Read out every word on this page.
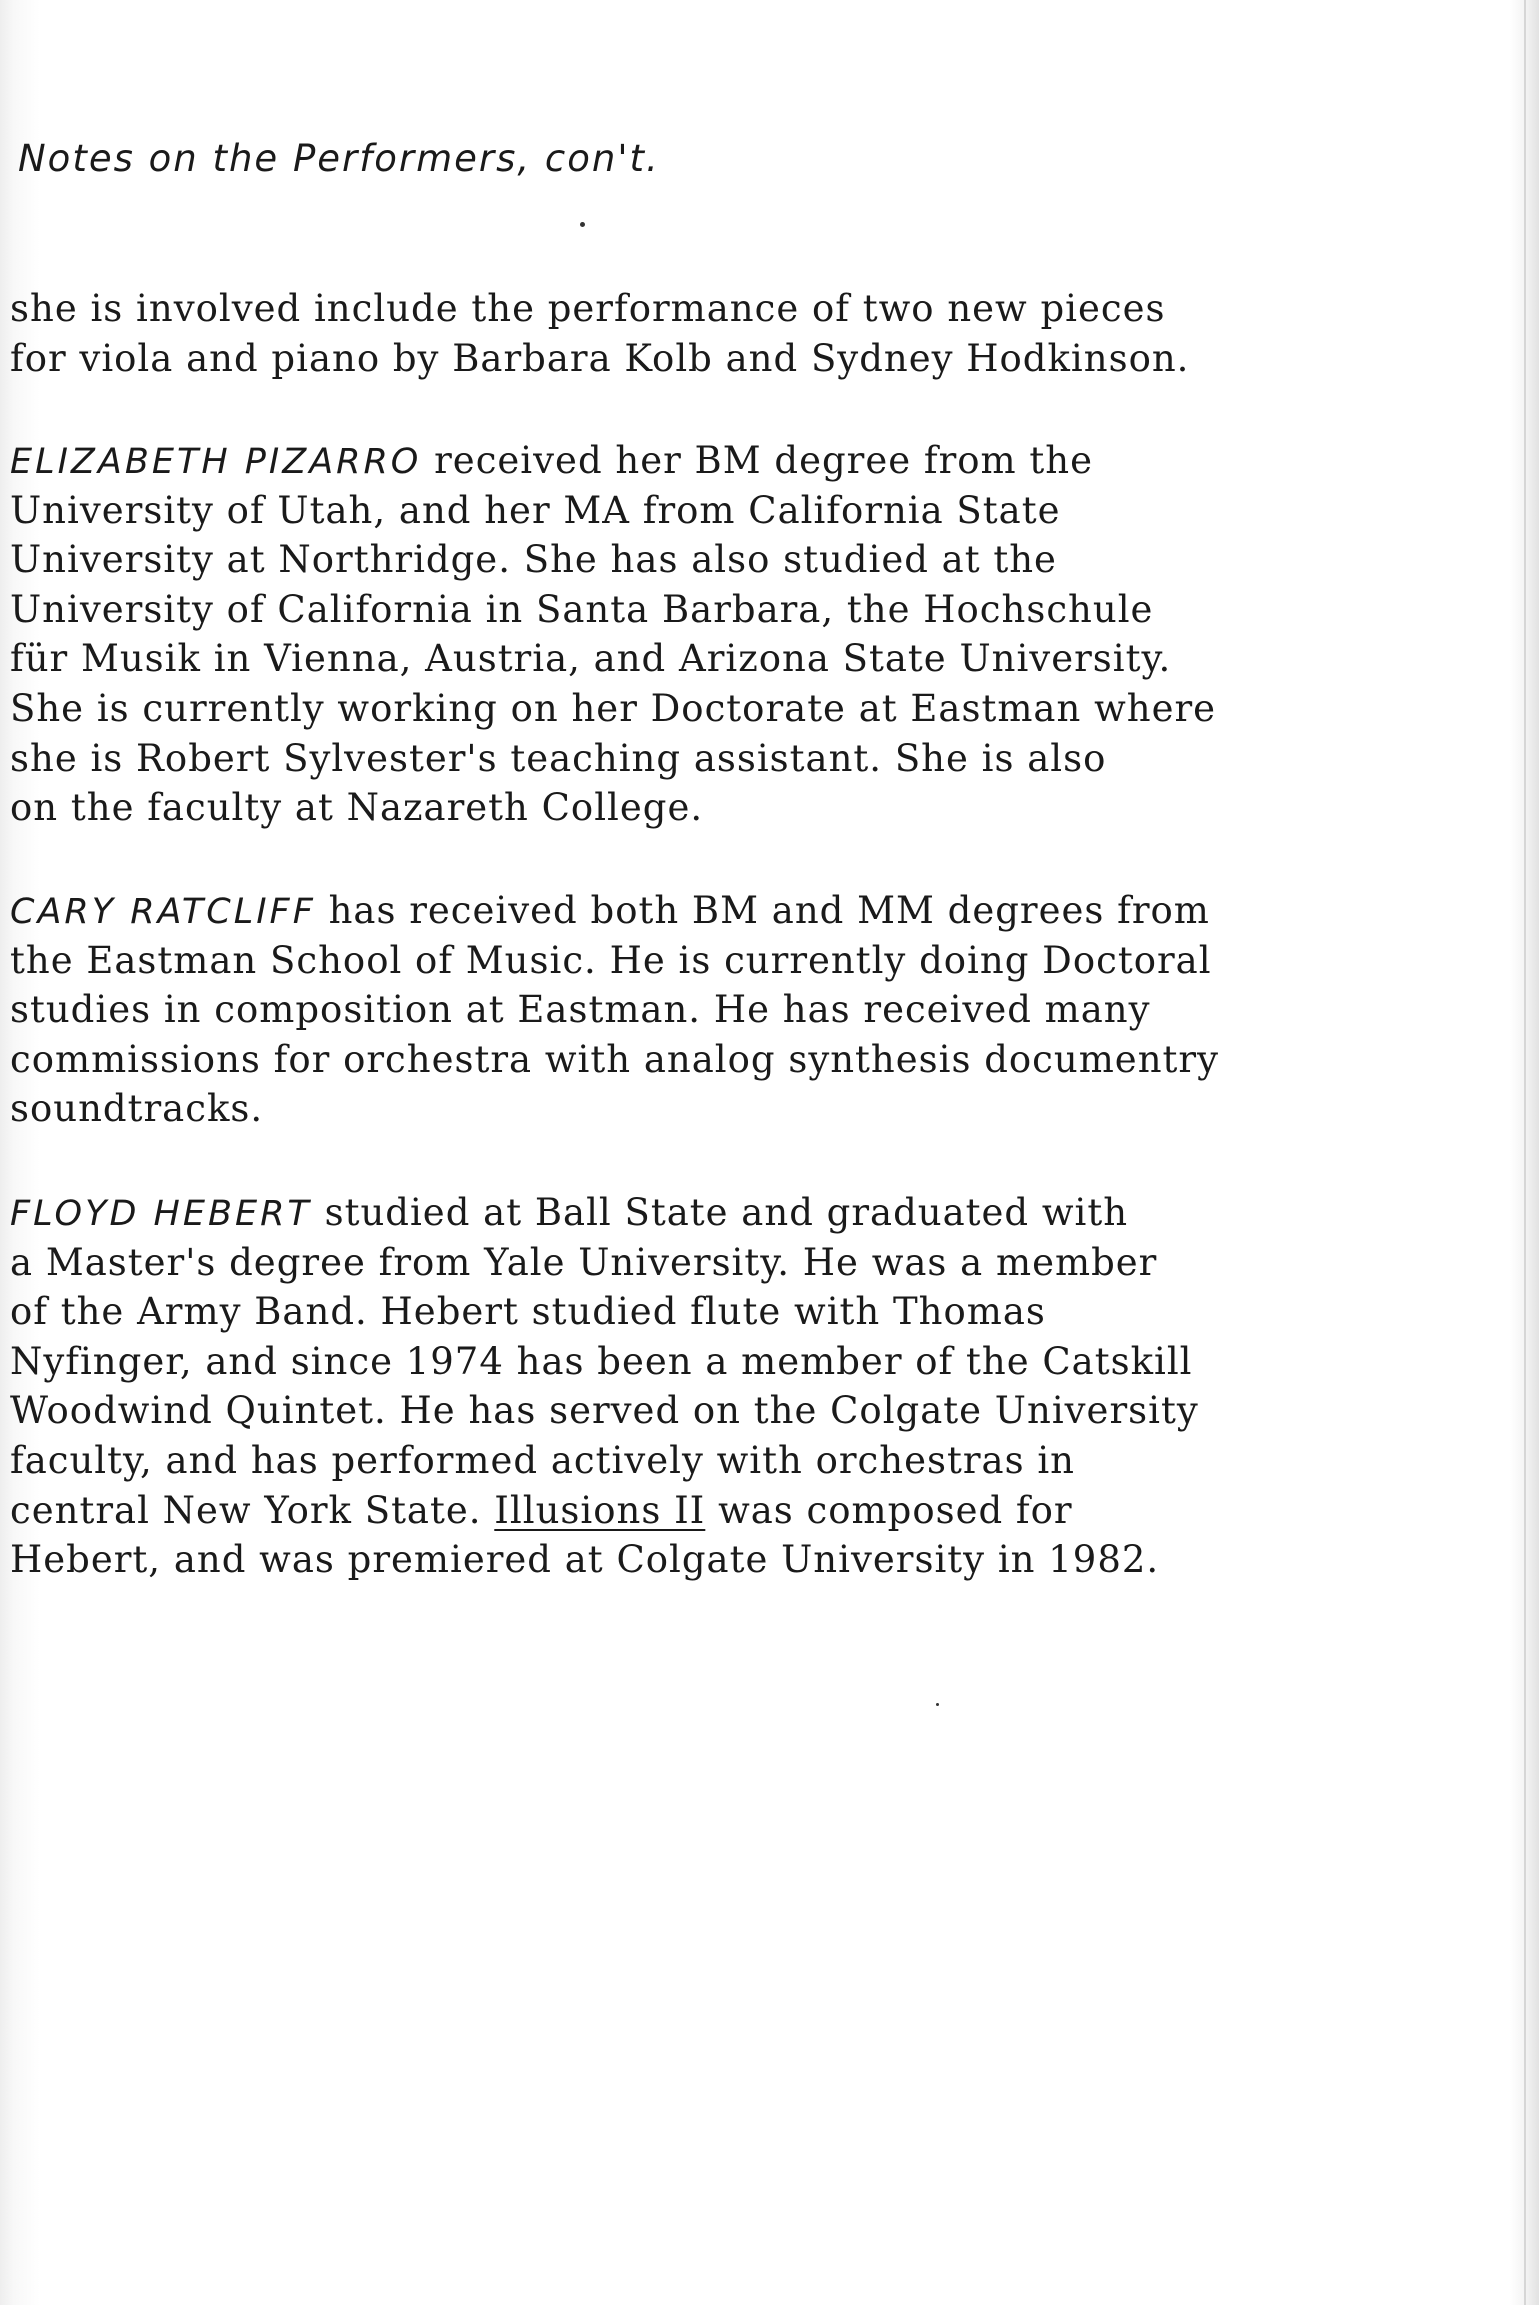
Notes on the Performers, con't.

she is involved include the performance of two new pieces
for viola and piano by Barbara Kolb and Sydney Hodkinson.

ELIZABETH PIZARRO received her BM degree from the
University of Utah, and her MA from California State
University at Northridge. She has also studied at the
University of California in Santa Barbara, the Hochschule
für Musik in Vienna, Austria, and Arizona State University.
She is currently working on her Doctorate at Eastman where
she is Robert Sylvester's teaching assistant. She is also
on the faculty at Nazareth College.

CARY RATCLIFF has received both BM and MM degrees from
the Eastman School of Music. He is currently doing Doctoral
studies in composition at Eastman. He has received many
commissions for orchestra with analog synthesis documentry
soundtracks.

FLOYD HEBERT studied at Ball State and graduated with
a Master's degree from Yale University. He was a member
of the Army Band. Hebert studied flute with Thomas
Nyfinger, and since 1974 has been a member of the Catskill
Woodwind Quintet. He has served on the Colgate University
faculty, and has performed actively with orchestras in
central New York State. Illusions II was composed for
Hebert, and was premiered at Colgate University in 1982.
